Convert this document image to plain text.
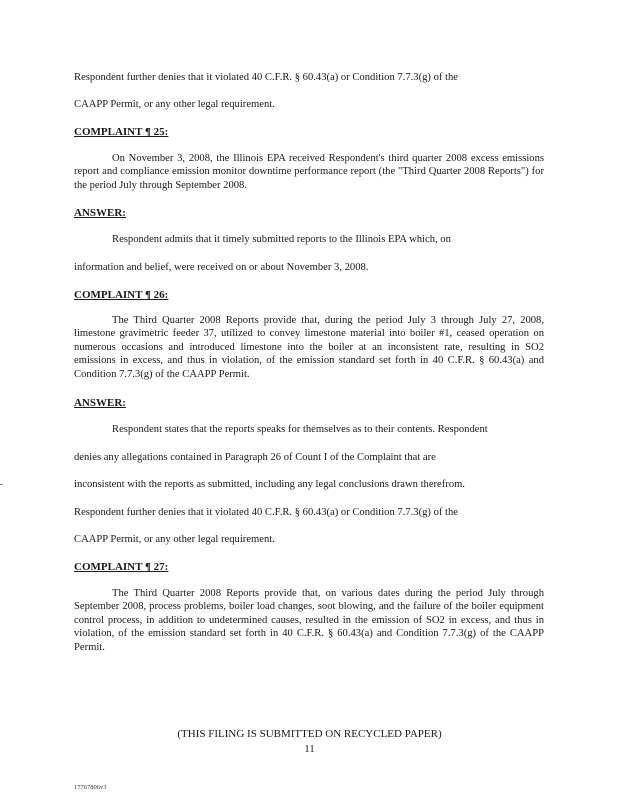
Respondent further denies that it violated 40 C.F.R. § 60.43(a) or Condition 7.7.3(g) of the
CAAPP Permit, or any other legal requirement.
COMPLAINT ¶ 25:
On November 3, 2008, the Illinois EPA received Respondent's third quarter 2008 excess emissions report and compliance emission monitor downtime performance report (the "Third Quarter 2008 Reports") for the period July through September 2008.
ANSWER:
Respondent admits that it timely submitted reports to the Illinois EPA which, on
information and belief, were received on or about November 3, 2008.
COMPLAINT ¶ 26:
The Third Quarter 2008 Reports provide that, during the period July 3 through July 27, 2008, limestone gravimetric feeder 37, utilized to convey limestone material into boiler #1, ceased operation on numerous occasions and introduced limestone into the boiler at an inconsistent rate, resulting in SO2 emissions in excess, and thus in violation, of the emission standard set forth in 40 C.F.R. § 60.43(a) and Condition 7.7.3(g) of the CAAPP Permit.
ANSWER:
Respondent states that the reports speaks for themselves as to their contents. Respondent
denies any allegations contained in Paragraph 26 of Count I of the Complaint that are
inconsistent with the reports as submitted, including any legal conclusions drawn therefrom.
Respondent further denies that it violated 40 C.F.R. § 60.43(a) or Condition 7.7.3(g) of the
CAAPP Permit, or any other legal requirement.
COMPLAINT ¶ 27:
The Third Quarter 2008 Reports provide that, on various dates during the period July through September 2008, process problems, boiler load changes, soot blowing, and the failure of the boiler equipment control process, in addition to undetermined causes, resulted in the emission of SO2 in excess, and thus in violation, of the emission standard set forth in 40 C.F.R. § 60.43(a) and Condition 7.7.3(g) of the CAAPP Permit.
(THIS FILING IS SUBMITTED ON RECYCLED PAPER)
11
17767806v3
